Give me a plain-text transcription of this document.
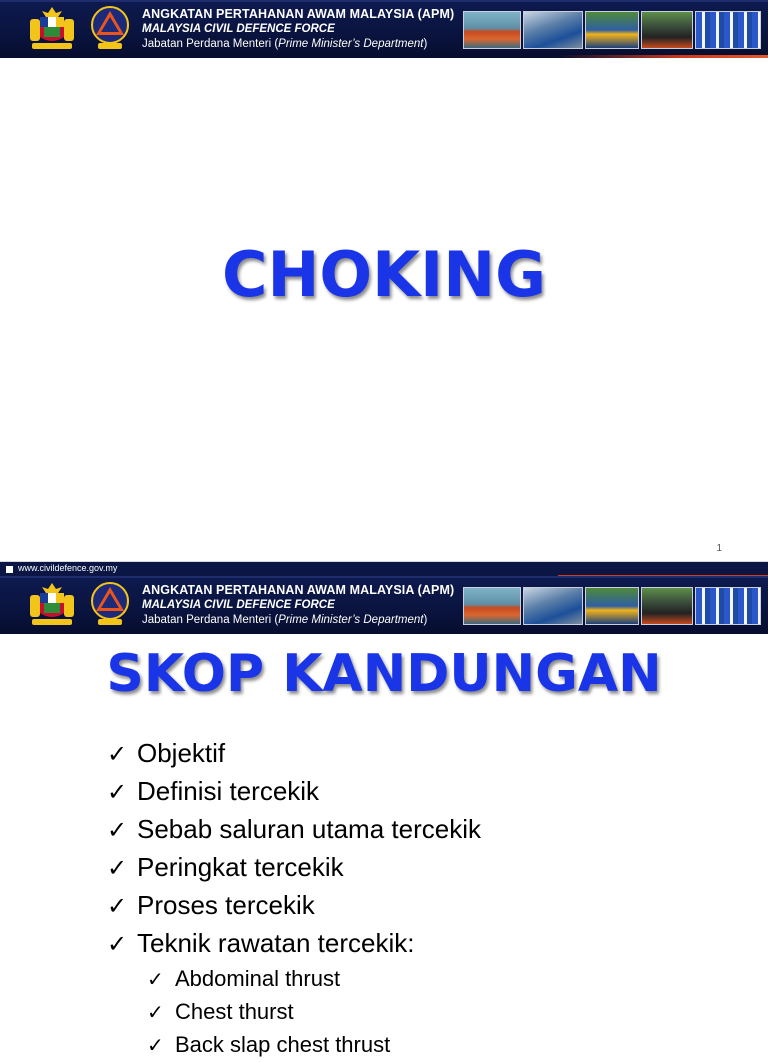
ANGKATAN PERTAHANAN AWAM MALAYSIA (APM)
MALAYSIA CIVIL DEFENCE FORCE
Jabatan Perdana Menteri (Prime Minister’s Department)
CHOKING
1
www.civildefence.gov.my
ANGKATAN PERTAHANAN AWAM MALAYSIA (APM)
MALAYSIA CIVIL DEFENCE FORCE
Jabatan Perdana Menteri (Prime Minister’s Department)
SKOP KANDUNGAN
✓ Objektif
✓ Definisi tercekik
✓ Sebab saluran utama tercekik
✓ Peringkat tercekik
✓ Proses tercekik
✓ Teknik rawatan tercekik:
✓ Abdominal thrust
✓ Chest thurst
✓ Back slap chest thrust
